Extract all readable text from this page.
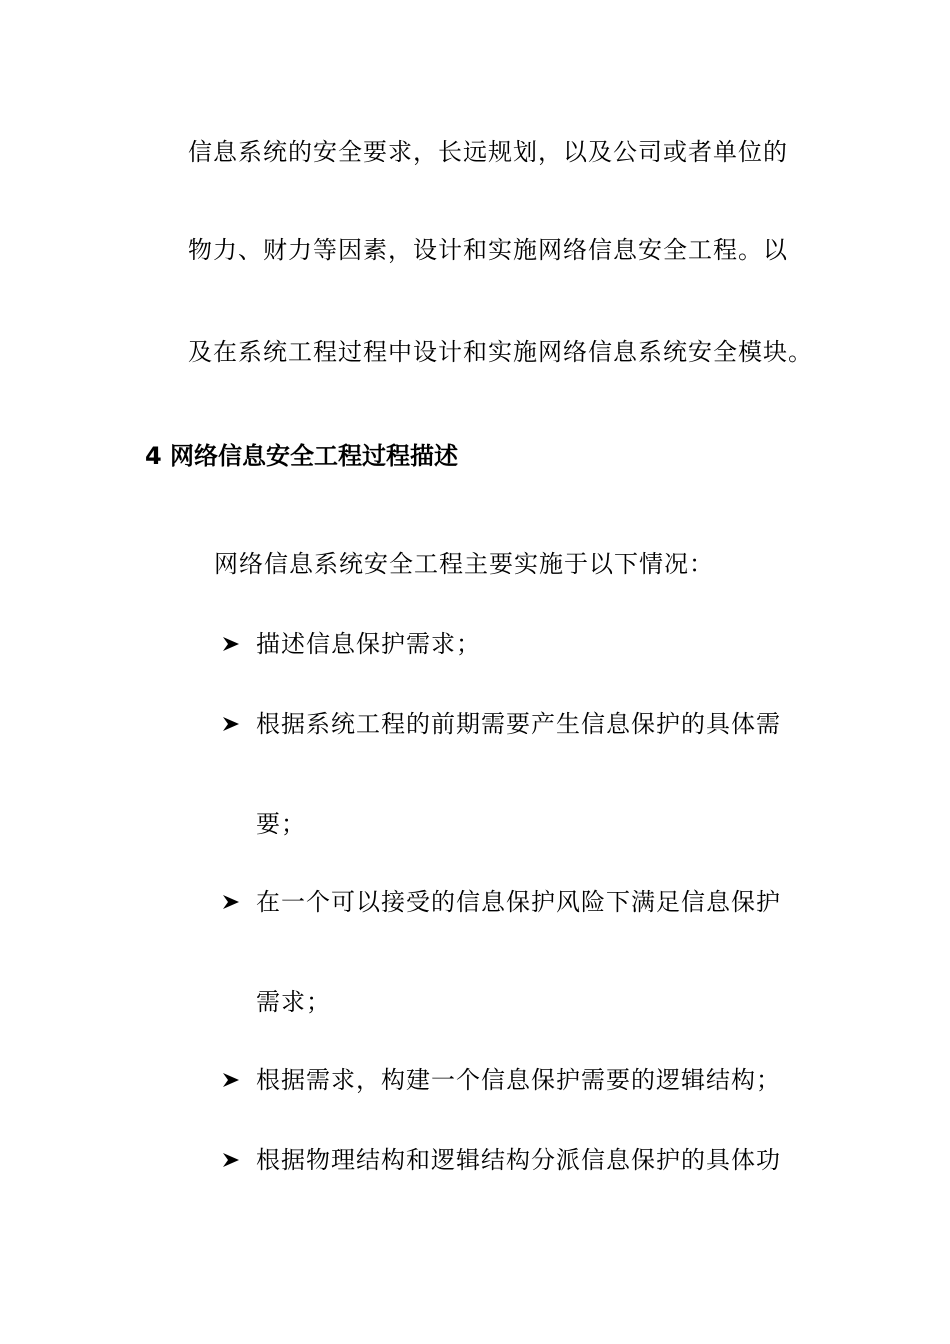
信息系统的安全要求，长远规划，以及公司或者单位的
物力、财力等因素，设计和实施网络信息安全工程。以
及在系统工程过程中设计和实施网络信息系统安全模块。
4 网络信息安全工程过程描述
网络信息系统安全工程主要实施于以下情况：
描述信息保护需求；
根据系统工程的前期需要产生信息保护的具体需
要；
在一个可以接受的信息保护风险下满足信息保护
需求；
根据需求，构建一个信息保护需要的逻辑结构；
根据物理结构和逻辑结构分派信息保护的具体功
